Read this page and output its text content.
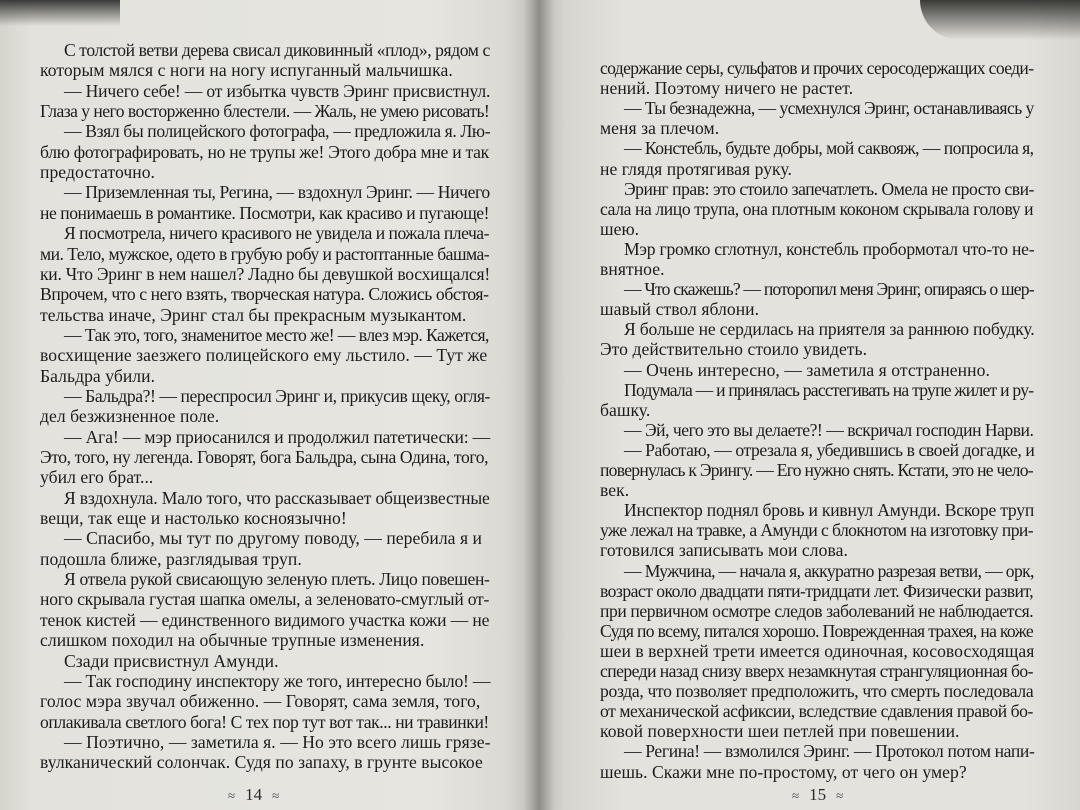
С толстой ветви дерева свисал диковинный «плод», рядом с
которым мялся с ноги на ногу испуганный мальчишка.
— Ничего себе! — от избытка чувств Эринг присвистнул.
Глаза у него восторженно блестели. — Жаль, не умею рисовать!
— Взял бы полицейского фотографа, — предложила я. Лю-
блю фотографировать, но не трупы же! Этого добра мне и так
предостаточно.
— Приземленная ты, Регина, — вздохнул Эринг. — Ничего
не понимаешь в романтике. Посмотри, как красиво и пугающе!
Я посмотрела, ничего красивого не увидела и пожала плеча-
ми. Тело, мужское, одето в грубую робу и растоптанные башма-
ки. Что Эринг в нем нашел? Ладно бы девушкой восхищался!
Впрочем, что с него взять, творческая натура. Сложись обстоя-
тельства иначе, Эринг стал бы прекрасным музыкантом.
— Так это, того, знаменитое место же! — влез мэр. Кажется,
восхищение заезжего полицейского ему льстило. — Тут же
Бальдра убили.
— Бальдра?! — переспросил Эринг и, прикусив щеку, огля-
дел безжизненное поле.
— Ага! — мэр приосанился и продолжил патетически: —
Это, того, ну легенда. Говорят, бога Бальдра, сына Одина, того,
убил его брат...
Я вздохнула. Мало того, что рассказывает общеизвестные
вещи, так еще и настолько косноязычно!
— Спасибо, мы тут по другому поводу, — перебила я и
подошла ближе, разглядывая труп.
Я отвела рукой свисающую зеленую плеть. Лицо повешен-
ного скрывала густая шапка омелы, а зеленовато-смуглый от-
тенок кистей — единственного видимого участка кожи — не
слишком походил на обычные трупные изменения.
Сзади присвистнул Амунди.
— Так господину инспектору же того, интересно было! —
голос мэра звучал обиженно. — Говорят, сама земля, того,
оплакивала светлого бога! С тех пор тут вот так... ни травинки!
— Поэтично, — заметила я. — Но это всего лишь грязе-
вулканический солончак. Судя по запаху, в грунте высокое
содержание серы, сульфатов и прочих серосодержащих соеди-
нений. Поэтому ничего не растет.
— Ты безнадежна, — усмехнулся Эринг, останавливаясь у
меня за плечом.
— Констебль, будьте добры, мой саквояж, — попросила я,
не глядя протягивая руку.
Эринг прав: это стоило запечатлеть. Омела не просто сви-
сала на лицо трупа, она плотным коконом скрывала голову и
шею.
Мэр громко сглотнул, констебль пробормотал что-то не-
внятное.
— Что скажешь? — поторопил меня Эринг, опираясь о шер-
шавый ствол яблони.
Я больше не сердилась на приятеля за раннюю побудку.
Это действительно стоило увидеть.
— Очень интересно, — заметила я отстраненно.
Подумала — и принялась расстегивать на трупе жилет и ру-
башку.
— Эй, чего это вы делаете?! — вскричал господин Нарви.
— Работаю, — отрезала я, убедившись в своей догадке, и
повернулась к Эрингу. — Его нужно снять. Кстати, это не чело-
век.
Инспектор поднял бровь и кивнул Амунди. Вскоре труп
уже лежал на травке, а Амунди с блокнотом на изготовку при-
готовился записывать мои слова.
— Мужчина, — начала я, аккуратно разрезая ветви, — орк,
возраст около двадцати пяти-тридцати лет. Физически развит,
при первичном осмотре следов заболеваний не наблюдается.
Судя по всему, питался хорошо. Поврежденная трахея, на коже
шеи в верхней трети имеется одиночная, косовосходящая
спереди назад снизу вверх незамкнутая странгуляционная бо-
розда, что позволяет предположить, что смерть последовала
от механической асфиксии, вследствие сдавления правой бо-
ковой поверхности шеи петлей при повешении.
— Регина! — взмолился Эринг. — Протокол потом напи-
шешь. Скажи мне по-простому, от чего он умер?
≈ 14 ≈	≈ 15 ≈
